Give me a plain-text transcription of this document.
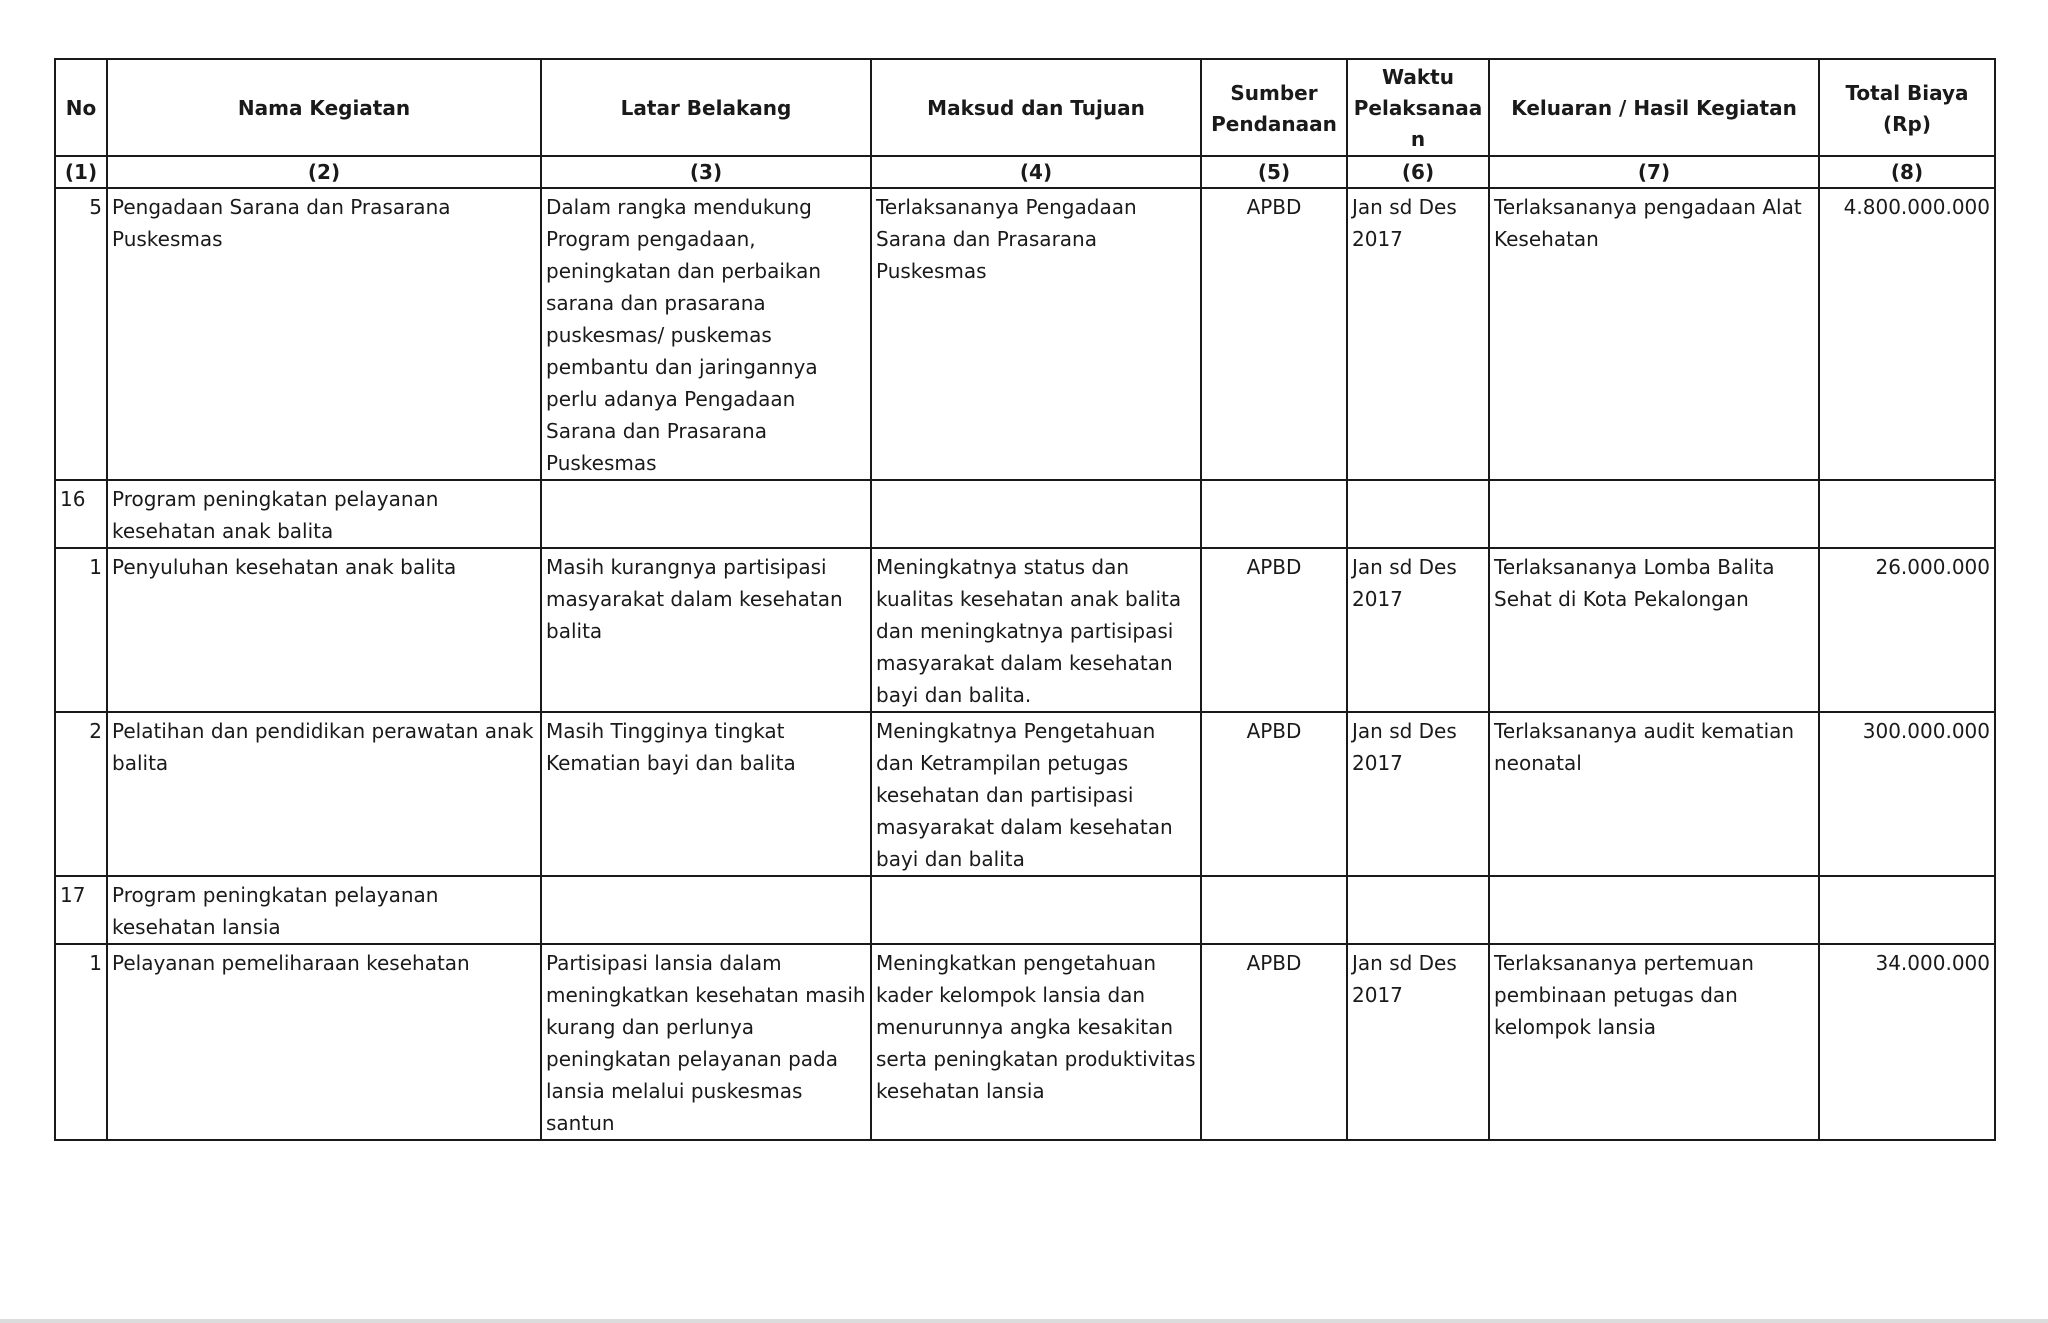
No	Nama Kegiatan	Latar Belakang	Maksud dan Tujuan	Sumber Pendanaan	Waktu Pelaksanaan	Keluaran / Hasil Kegiatan	Total Biaya (Rp)
(1)	(2)	(3)	(4)	(5)	(6)	(7)	(8)
5	Pengadaan Sarana dan Prasarana Puskesmas	Dalam rangka mendukung Program pengadaan, peningkatan dan perbaikan sarana dan prasarana puskesmas/ puskemas pembantu dan jaringannya perlu adanya Pengadaan Sarana dan Prasarana Puskesmas	Terlaksananya Pengadaan Sarana dan Prasarana Puskesmas	APBD	Jan sd Des 2017	Terlaksananya pengadaan Alat Kesehatan	4.800.000.000
16	Program peningkatan pelayanan kesehatan anak balita						
1	Penyuluhan kesehatan anak balita	Masih kurangnya partisipasi masyarakat dalam kesehatan balita	Meningkatnya status dan kualitas kesehatan anak balita dan meningkatnya partisipasi masyarakat dalam kesehatan bayi dan balita.	APBD	Jan sd Des 2017	Terlaksananya Lomba Balita Sehat di Kota Pekalongan	26.000.000
2	Pelatihan dan pendidikan perawatan anak balita	Masih Tingginya tingkat Kematian bayi dan balita	Meningkatnya Pengetahuan dan Ketrampilan petugas kesehatan dan partisipasi masyarakat dalam kesehatan bayi dan balita	APBD	Jan sd Des 2017	Terlaksananya audit kematian neonatal	300.000.000
17	Program peningkatan pelayanan kesehatan lansia						
1	Pelayanan pemeliharaan kesehatan	Partisipasi lansia dalam meningkatkan kesehatan masih kurang dan perlunya peningkatan pelayanan pada lansia melalui puskesmas santun	Meningkatkan pengetahuan kader kelompok lansia dan menurunnya angka kesakitan serta peningkatan produktivitas kesehatan lansia	APBD	Jan sd Des 2017	Terlaksananya pertemuan pembinaan petugas dan kelompok lansia	34.000.000
